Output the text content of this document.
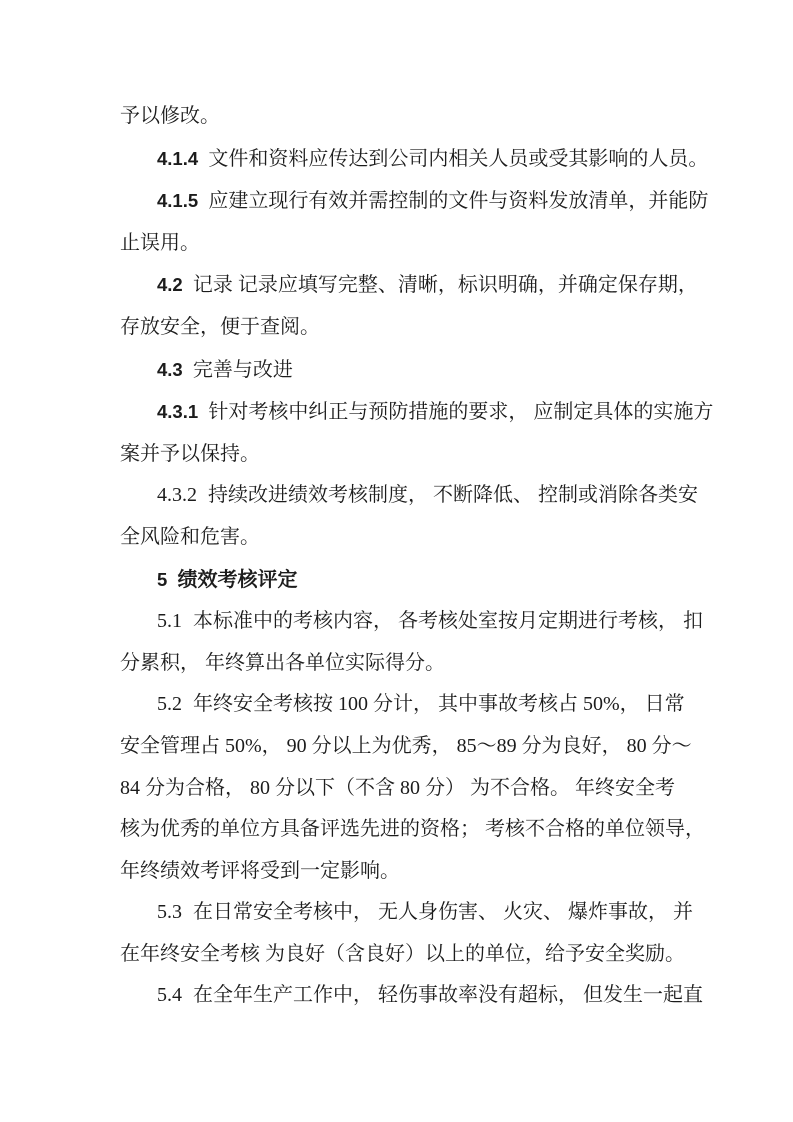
予以修改。
4.1.4 文件和资料应传达到公司内相关人员或受其影响的人员。
4.1.5 应建立现行有效并需控制的文件与资料发放清单，并能防
止误用。
4.2 记录 记录应填写完整、清晰，标识明确，并确定保存期，
存放安全，便于查阅。
4.3 完善与改进
4.3.1 针对考核中纠正与预防措施的要求， 应制定具体的实施方
案并予以保持。
4.3.2 持续改进绩效考核制度， 不断降低、 控制或消除各类安
全风险和危害。
5 绩效考核评定
5.1 本标准中的考核内容， 各考核处室按月定期进行考核， 扣
分累积， 年终算出各单位实际得分。
5.2 年终安全考核按 100 分计， 其中事故考核占 50%， 日常
安全管理占 50%， 90 分以上为优秀， 85～89 分为良好， 80 分～
84 分为合格， 80 分以下（不含 80 分） 为不合格。 年终安全考
核为优秀的单位方具备评选先进的资格； 考核不合格的单位领导，
年终绩效考评将受到一定影响。
5.3 在日常安全考核中， 无人身伤害、 火灾、 爆炸事故， 并
在年终安全考核 为良好（含良好）以上的单位，给予安全奖励。
5.4 在全年生产工作中， 轻伤事故率没有超标， 但发生一起直
